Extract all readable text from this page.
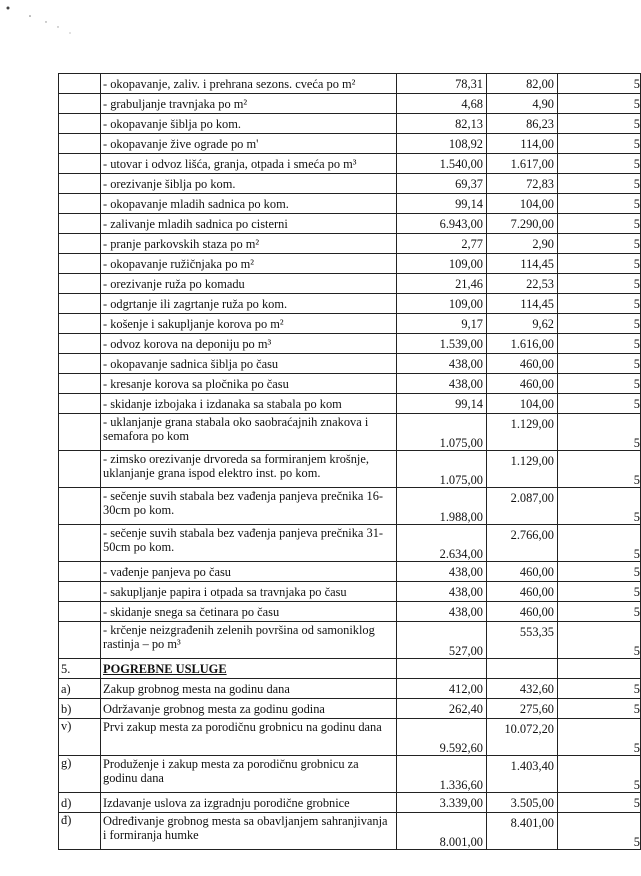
	- okopavanje, zaliv. i prehrana sezons. cveća po m²	78,31	82,00	5
	- grabuljanje travnjaka po m²	4,68	4,90	5
	- okopavanje šiblja po kom.	82,13	86,23	5
	- okopavanje žive ograde po m'	108,92	114,00	5
	- utovar i odvoz lišća, granja, otpada i smeća po m³	1.540,00	1.617,00	5
	- orezivanje šiblja po kom.	69,37	72,83	5
	- okopavanje mladih sadnica po kom.	99,14	104,00	5
	- zalivanje mladih sadnica po cisterni	6.943,00	7.290,00	5
	- pranje parkovskih staza po m²	2,77	2,90	5
	- okopavanje ružičnjaka po m²	109,00	114,45	5
	- orezivanje ruža po komadu	21,46	22,53	5
	- odgrtanje ili zagrtanje ruža po kom.	109,00	114,45	5
	- košenje i sakupljanje korova po m²	9,17	9,62	5
	- odvoz korova na deponiju po m³	1.539,00	1.616,00	5
	- okopavanje sadnica šiblja po času	438,00	460,00	5
	- kresanje korova sa pločnika po času	438,00	460,00	5
	- skidanje izbojaka i izdanaka sa stabala po kom	99,14	104,00	5
	- uklanjanje grana stabala oko saobraćajnih znakova i semafora po kom	1.075,00	1.129,00	5
	- zimsko orezivanje drvoreda sa formiranjem krošnje, uklanjanje grana ispod elektro inst. po kom.	1.075,00	1.129,00	5
	- sečenje suvih stabala bez vađenja panjeva prečnika 16-30cm po kom.	1.988,00	2.087,00	5
	- sečenje suvih stabala bez vađenja panjeva prečnika 31-50cm po kom.	2.634,00	2.766,00	5
	- vađenje panjeva po času	438,00	460,00	5
	- sakupljanje papira i otpada sa travnjaka po času	438,00	460,00	5
	- skidanje snega sa četinara po času	438,00	460,00	5
	- krčenje neizgrađenih zelenih površina od samoniklog rastinja – po m³	527,00	553,35	5
5.	POGREBNE USLUGE			
a)	Zakup grobnog mesta na godinu dana	412,00	432,60	5
b)	Održavanje grobnog mesta za godinu godina	262,40	275,60	5
v)	Prvi zakup mesta za porodičnu grobnicu na godinu dana	9.592,60	10.072,20	5
g)	Produženje i zakup mesta za porodičnu grobnicu za godinu dana	1.336,60	1.403,40	5
d)	Izdavanje uslova za izgradnju porodične grobnice	3.339,00	3.505,00	5
đ)	Određivanje grobnog mesta sa obavljanjem sahranjivanja i formiranja humke	8.001,00	8.401,00	5
